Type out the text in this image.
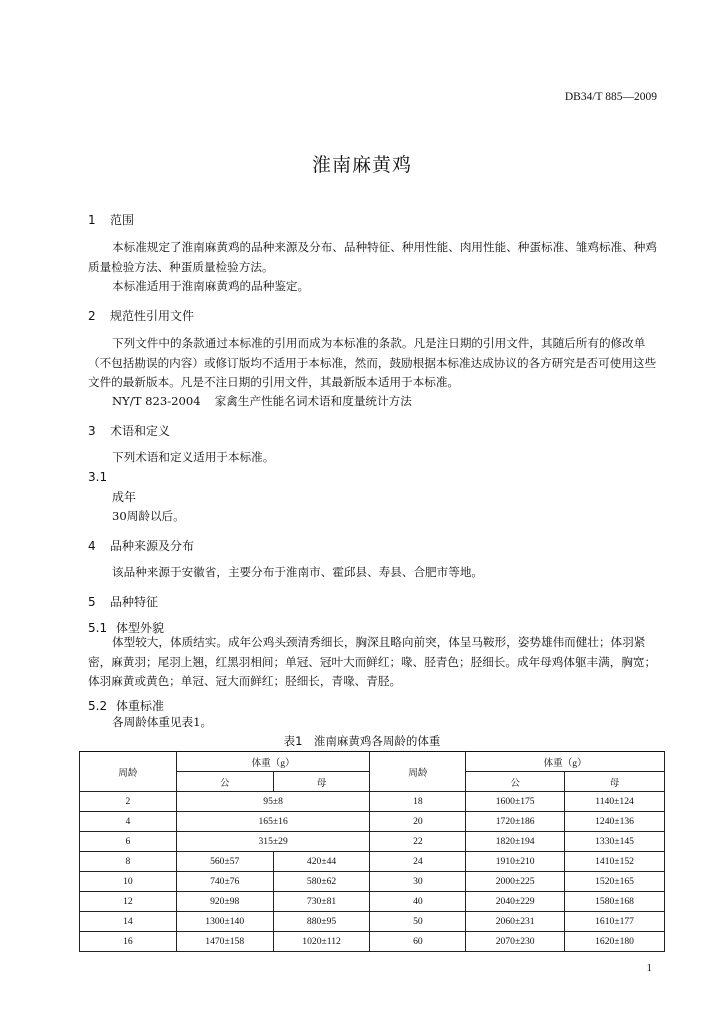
DB34/T 885—2009
淮南麻黄鸡
1 范围
本标准规定了淮南麻黄鸡的品种来源及分布、品种特征、种用性能、肉用性能、种蛋标准、雏鸡标准、种鸡质量检验方法、种蛋质量检验方法。
本标准适用于淮南麻黄鸡的品种鉴定。
2 规范性引用文件
下列文件中的条款通过本标准的引用而成为本标准的条款。凡是注日期的引用文件，其随后所有的修改单（不包括勘误的内容）或修订版均不适用于本标准，然而，鼓励根据本标准达成协议的各方研究是否可使用这些文件的最新版本。凡是不注日期的引用文件，其最新版本适用于本标准。
NY/T 823-2004 家禽生产性能名词术语和度量统计方法
3 术语和定义
下列术语和定义适用于本标准。
3.1
成年
30周龄以后。
4 品种来源及分布
该品种来源于安徽省，主要分布于淮南市、霍邱县、寿县、合肥市等地。
5 品种特征
5.1 体型外貌
体型较大，体质结实。成年公鸡头颈清秀细长，胸深且略向前突，体呈马鞍形，姿势雄伟而健壮；体羽紧密，麻黄羽；尾羽上翘，红黑羽相间；单冠、冠叶大而鲜红；喙、胫青色；胫细长。成年母鸡体躯丰满，胸宽；体羽麻黄或黄色；单冠、冠大而鲜红；胫细长，青喙、青胫。
5.2 体重标准
各周龄体重见表1。
表1　淮南麻黄鸡各周龄的体重
周龄	体重（g）		周龄	体重（g）	
	公	母		公	母
2	95±8		18	1600±175	1140±124
4	165±16		20	1720±186	1240±136
6	315±29		22	1820±194	1330±145
8	560±57	420±44	24	1910±210	1410±152
10	740±76	580±62	30	2000±225	1520±165
12	920±98	730±81	40	2040±229	1580±168
14	1300±140	880±95	50	2060±231	1610±177
16	1470±158	1020±112	60	2070±230	1620±180
1
